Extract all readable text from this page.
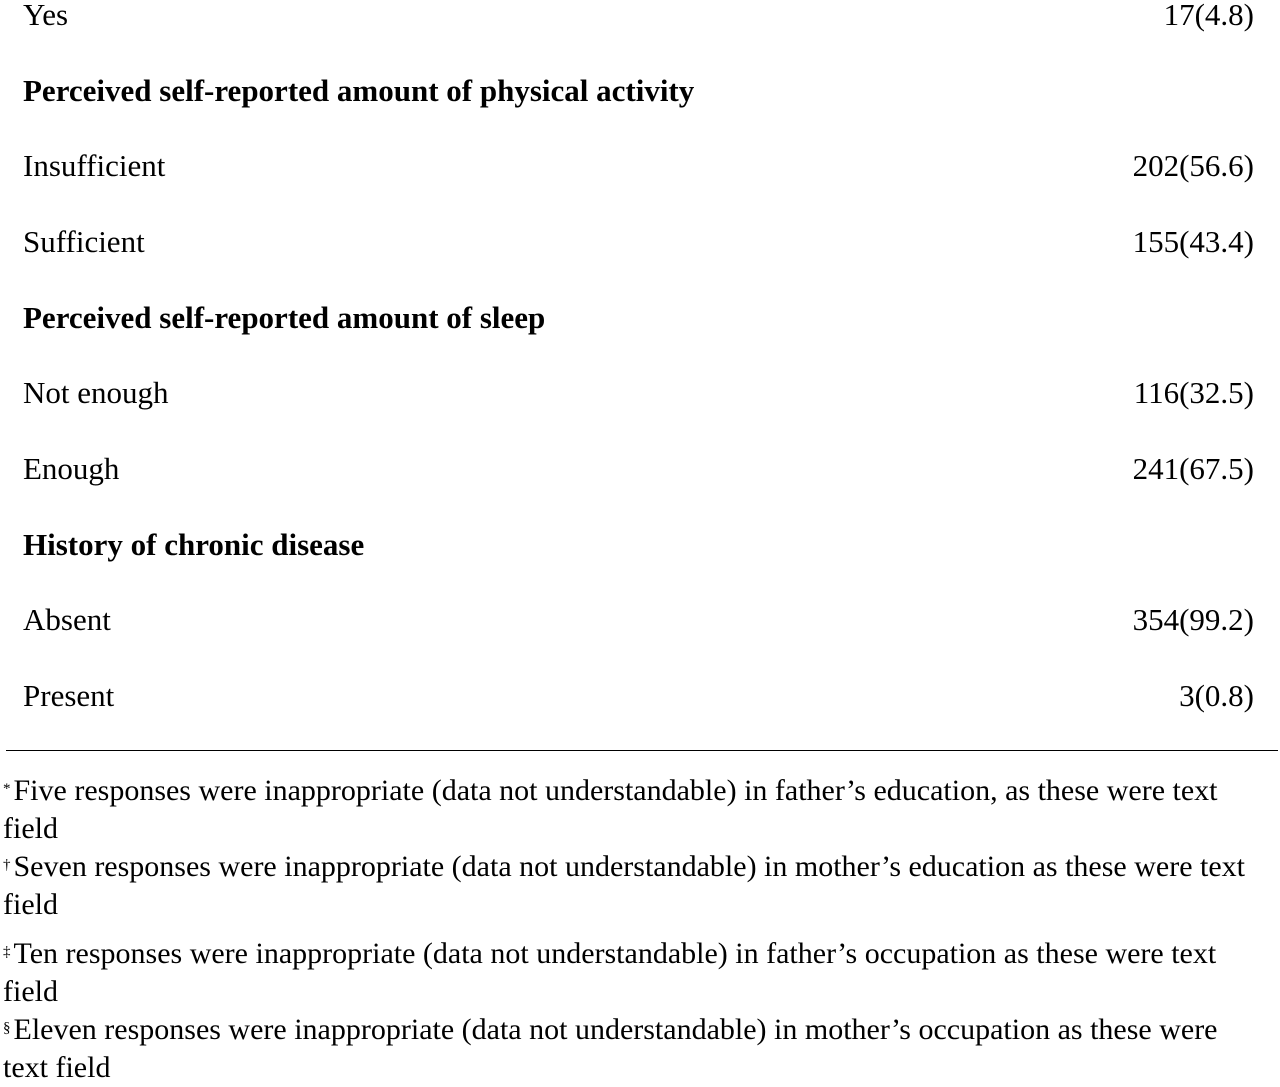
Yes	17(4.8)
Perceived self-reported amount of physical activity
Insufficient	202(56.6)
Sufficient	155(43.4)
Perceived self-reported amount of sleep
Not enough	116(32.5)
Enough	241(67.5)
History of chronic disease
Absent	354(99.2)
Present	3(0.8)
* Five responses were inappropriate (data not understandable) in father’s education, as these were text field
† Seven responses were inappropriate (data not understandable) in mother’s education as these were text field
‡ Ten responses were inappropriate (data not understandable) in father’s occupation as these were text field
§ Eleven responses were inappropriate (data not understandable) in mother’s occupation as these were text field
